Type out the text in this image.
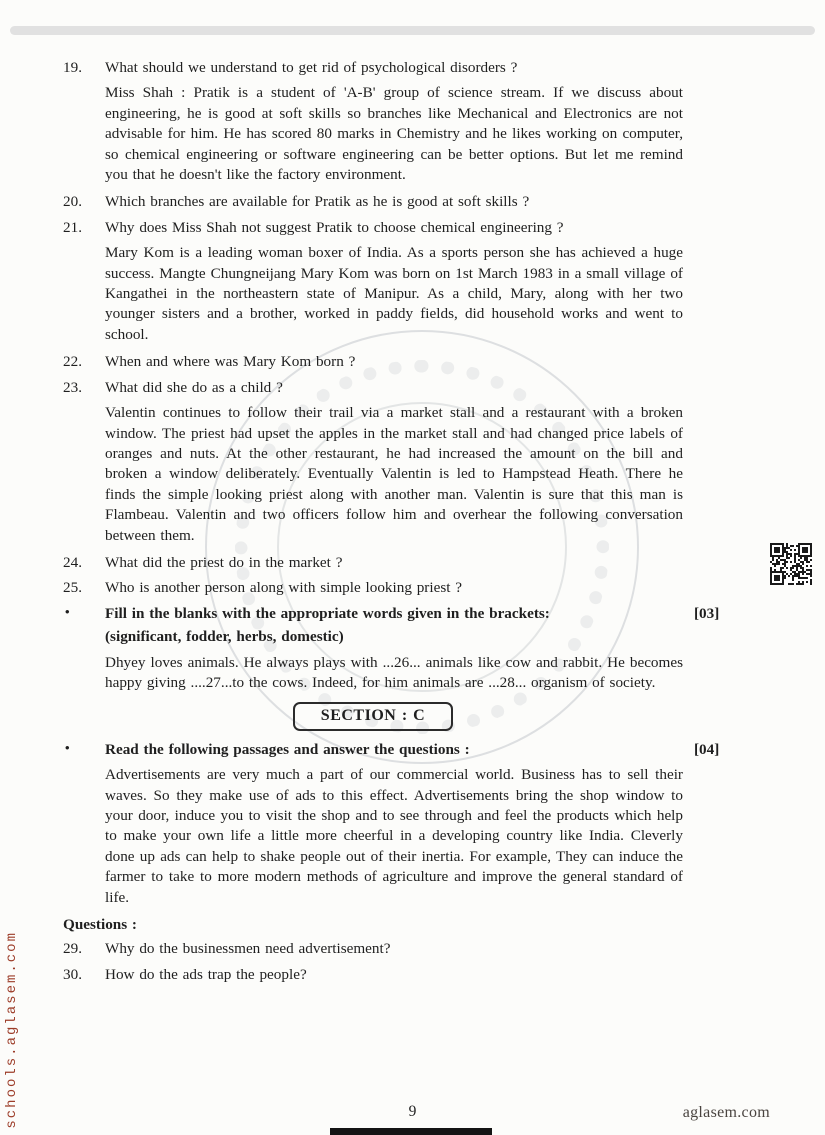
19. What should we understand to get rid of psychological disorders ?

Miss Shah : Pratik is a student of 'A-B' group of science stream. If we discuss about engineering, he is good at soft skills so branches like Mechanical and Electronics are not advisable for him. He has scored 80 marks in Chemistry and he likes working on computer, so chemical engineering or software engineering can be better options. But let me remind you that he doesn't like the factory environment.

20. Which branches are available for Pratik as he is good at soft skills ?
21. Why does Miss Shah not suggest Pratik to choose chemical engineering ?

Mary Kom is a leading woman boxer of India. As a sports person she has achieved a huge success. Mangte Chungneijang Mary Kom was born on 1st March 1983 in a small village of Kangathei in the northeastern state of Manipur. As a child, Mary, along with her two younger sisters and a brother, worked in paddy fields, did household works and went to school.

22. When and where was Mary Kom born ?
23. What did she do as a child ?

Valentin continues to follow their trail via a market stall and a restaurant with a broken window. The priest had upset the apples in the market stall and had changed price labels of oranges and nuts. At the other restaurant, he had increased the amount on the bill and broken a window deliberately. Eventually Valentin is led to Hampstead Heath. There he finds the simple looking priest along with another man. Valentin is sure that this man is Flambeau. Valentin and two officers follow him and overhear the following conversation between them.

24. What did the priest do in the market ?
25. Who is another person along with simple looking priest ?
• Fill in the blanks with the appropriate words given in the brackets:
(significant, fodder, herbs, domestic)
[03]

Dhyey loves animals. He always plays with ...26... animals like cow and rabbit. He becomes happy giving ....27...to the cows. Indeed, for him animals are ...28... organism of society.

SECTION : C
• Read the following passages and answer the questions :	[04]

Advertisements are very much a part of our commercial world. Business has to sell their waves. So they make use of ads to this effect. Advertisements bring the shop window to your door, induce you to visit the shop and to see through and feel the products which help to make your own life a little more cheerful in a developing country like India. Cleverly done up ads can help to shake people out of their inertia. For example, They can induce the farmer to take to more modern methods of agriculture and improve the general standard of life.

Questions :
29. Why do the businessmen need advertisement?
30. How do the ads trap the people?
schools.aglasem.com	9	aglasem.com
